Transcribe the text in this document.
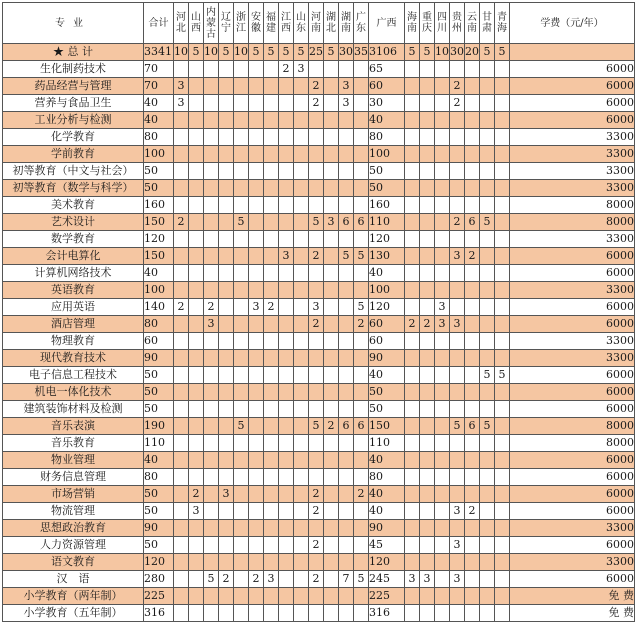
专业	合计	河北	山西	内蒙古	辽宁	浙江	安徽	福建	江西	山东	河南	湖北	湖南	广东	广西	海南	重庆	四川	贵州	云南	甘肃	青海	学费（元/年）
★ 总 计	3341	10	5	10	5	10	5	5	5	5	25	5	30	35	3106	5	5	10	30	20	5	5	
生化制药技术	70								2	3					65								6000
药品经营与管理	70	3									2		3		60				2				6000
营养与食品卫生	40	3									2		3		30				2				6000
工业分析与检测	40														40								6000
化学教育	80														80								3300
学前教育	100														100								3300
初等教育（中文与社会）	50														50								3300
初等教育（数学与科学）	50														50								3300
美术教育	160														160								8000
艺术设计	150	2				5					5	3	6	6	110				2	6	5		8000
数学教育	120														120								3300
会计电算化	150								3		2		5	5	130				3	2			6000
计算机网络技术	40														40								6000
英语教育	100														100								3300
应用英语	140	2		2			3	2			3			5	120			3					6000
酒店管理	80			3							2			2	60	2	2	3	3				6000
物理教育	60														60								3300
现代教育技术	90														90								3300
电子信息工程技术	50														40						5	5	6000
机电一体化技术	50														50								6000
建筑装饰材料及检测	50														50								6000
音乐表演	190					5					5	2	6	6	150				5	6	5		8000
音乐教育	110														110								8000
物业管理	40														40								6000
财务信息管理	80														80								6000
市场营销	50		2		3						2			2	40								6000
物流管理	50		3								2				40				3	2			6000
思想政治教育	90														90								3300
人力资源管理	50										2				45				3				6000
语文教育	120														120								3300
汉　语	280			5	2		2	3			2		7	5	245	3	3		3				6000
小学教育（两年制）	225														225								免 费
小学教育（五年制）	316														316								免 费
